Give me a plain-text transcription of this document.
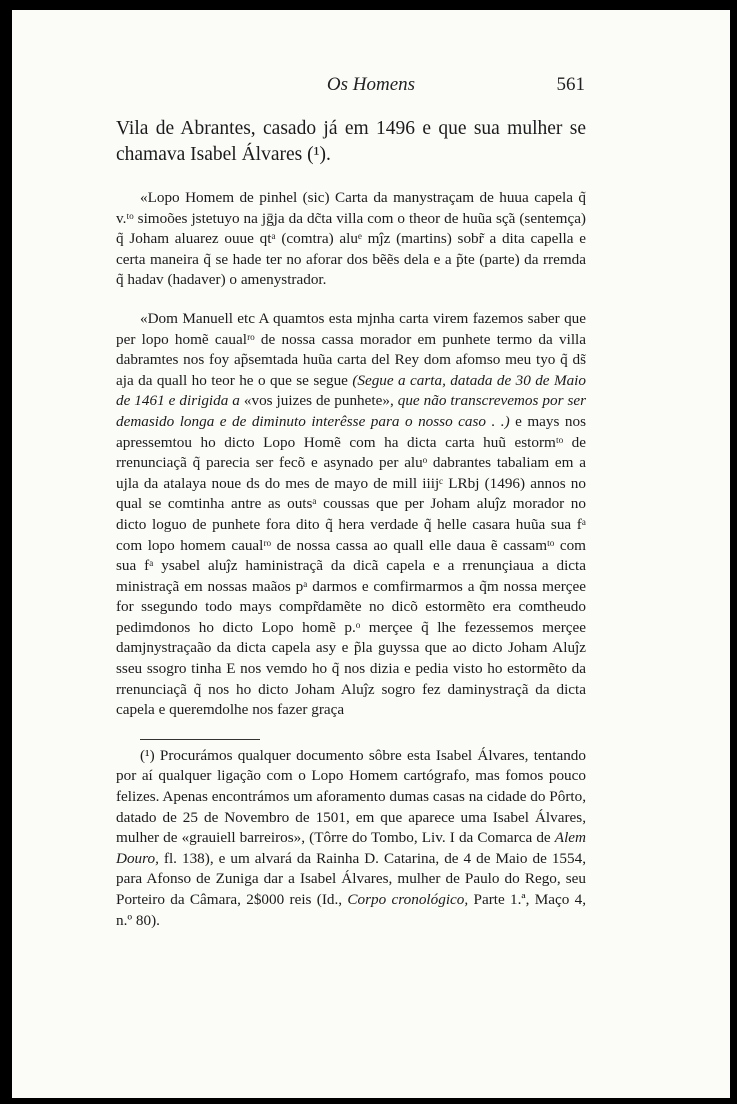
Os Homens	561

Vila de Abrantes, casado já em 1496 e que sua mulher se chamava Isabel Álvares (¹).

«Lopo Homem de pinhel (sic) Carta da manystraçam de huua capela q̃ v.ᵗᵒ simoões jstetuyo na jḡja da dc̃ta villa com o theor de huũa sç̃a (sentemça) q̃ Joham aluarez ouue qtᵃ (comtra) aluᵉ mĵz (martins) sobr̃ a dita capella e certa maneira q̃ se hade ter no aforar dos bẽẽs dela e a p̃te (parte) da rremda q̃ hadav (hadaver) o amenystrador.

«Dom Manuell etc A quamtos esta mjnha carta virem fazemos saber que per lopo homẽ caualʳᵒ de nossa cassa morador em punhete termo da villa dabramtes nos foy ap̃semtada huũa carta del Rey dom afomso meu tyo q̃ ds̃ aja da quall ho teor he o que se segue (Segue a carta, datada de 30 de Maio de 1461 e dirigida a «vos juizes de punhete», que não transcrevemos por ser demasido longa e de diminuto interêsse para o nosso caso . .) e mays nos apressemtou ho dicto Lopo Homẽ com ha dicta carta huũ estormᵗᵒ de rrenunciaçã q̃ parecia ser fecõ e asynado per aluᵒ dabrantes tabaliam em a ujla da atalaya noue ds do mes de mayo de mill iiijᶜ LRbj (1496) annos no qual se comtinha antre as outsᵃ coussas que per Joham aluĵz morador no dicto loguo de punhete fora dito q̃ hera verdade q̃ helle casara huũa sua fᵃ com lopo homem caualʳᵒ de nossa cassa ao quall elle daua ẽ cassamᵗᵒ com sua fᵃ ysabel aluĵz haministraçã da dicã capela e a rrenunçiaua a dicta ministraçã em nossas maãos pᵃ darmos e comfirmarmos a q̃m nossa merçee for ssegundo todo mays compr̃damẽte no dicõ estormẽto era comtheudo pedimdonos ho dicto Lopo homẽ p.ᵒ merçee q̃ lhe fezessemos merçee damjnystraçaão da dicta capela asy e p̃la guyssa que ao dicto Joham Aluĵz sseu ssogro tinha E nos vemdo ho q̃ nos dizia e pedia visto ho estormẽto da rrenunciaçã q̃ nos ho dicto Joham Aluĵz sogro fez daminystraçã da dicta capela e queremdolhe nos fazer graça

(¹) Procurámos qualquer documento sôbre esta Isabel Álvares, tentando por aí qualquer ligação com o Lopo Homem cartógrafo, mas fomos pouco felizes. Apenas encontrámos um aforamento dumas casas na cidade do Pôrto, datado de 25 de Novembro de 1501, em que aparece uma Isabel Álvares, mulher de «grauiell barreiros», (Tôrre do Tombo, Liv. I da Comarca de Alem Douro, fl. 138), e um alvará da Rainha D. Catarina, de 4 de Maio de 1554, para Afonso de Zuniga dar a Isabel Álvares, mulher de Paulo do Rego, seu Porteiro da Câmara, 2$000 reis (Id., Corpo cronológico, Parte 1.ª, Maço 4, n.º 80).
